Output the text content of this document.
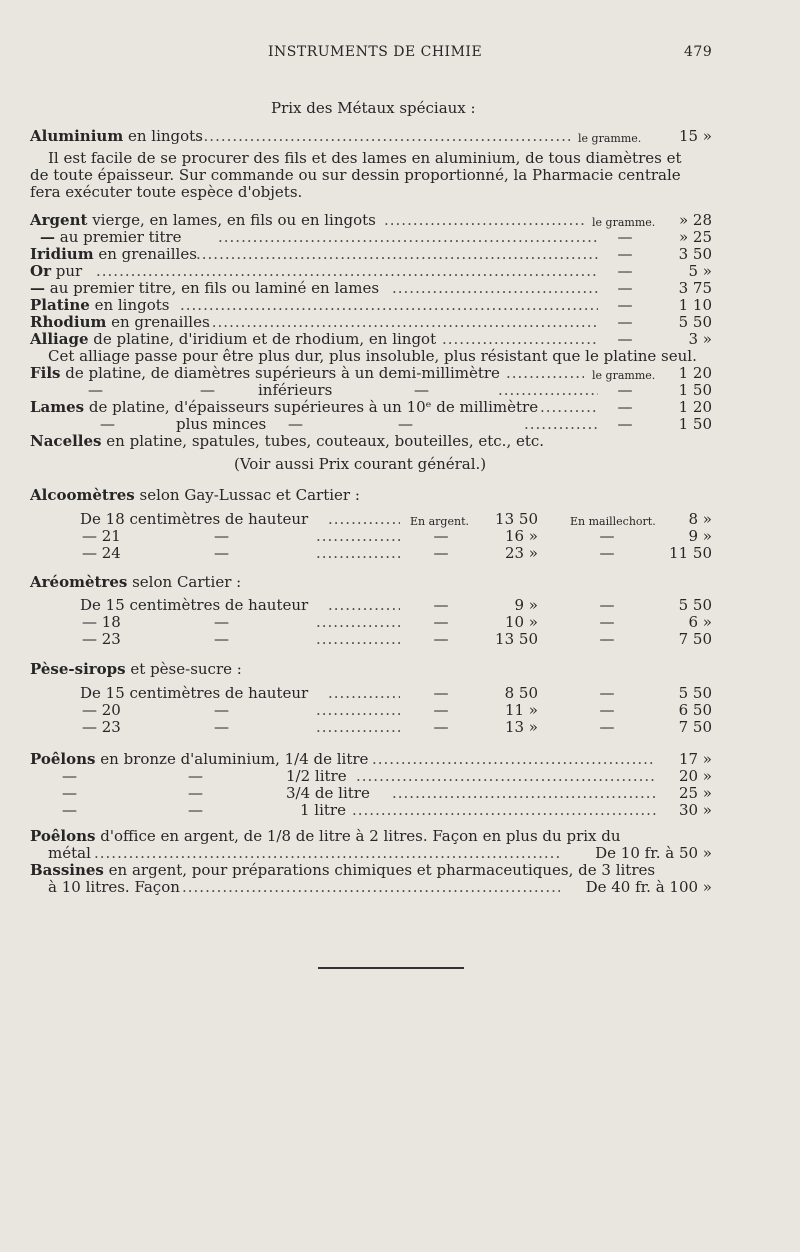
INSTRUMENTS DE CHIMIE	479
Prix des Métaux spéciaux :
Aluminium en lingots .....	le gramme.	15 »
Il est facile de se procurer des fils et des lames en aluminium, de tous diamètres et
de toute épaisseur. Sur commande ou sur dessin proportionné, la Pharmacie centrale
fera exécuter toute espèce d'objets.
Argent vierge, en lames, en fils ou en lingots .....	le gramme.	» 28
— au premier titre .....	—	» 25
Iridium en grenailles .....	—	3 50
Or pur .....	—	5 »
— au premier titre, en fils ou laminé en lames .....	—	3 75
Platine en lingots .....	—	1 10
Rhodium en grenailles .....	—	5 50
Alliage de platine, d'iridium et de rhodium, en lingot .....	—	3 »
Cet alliage passe pour être plus dur, plus insoluble, plus résistant que le platine seul.
Fils de platine, de diamètres supérieurs à un demi-millimètre .....	le gramme.	1 20
—	—	inférieurs	— .....	—	1 50
Lames de platine, d'épaisseurs supérieures à un 10ᵉ de millimètre .....	—	1 20
—	plus minces —	— .....	—	1 50
Nacelles en platine, spatules, tubes, couteaux, bouteilles, etc., etc.
(Voir aussi Prix courant général.)
Alcoomètres selon Gay-Lussac et Cartier :
De 18 centimètres de hauteur .....	En argent.	13 50	En maillechort.	8 »
— 21	— .....	—	16 »	—	9 »
— 24	— .....	—	23 »	—	11 50
Aréomètres selon Cartier :
De 15 centimètres de hauteur .....	—	9 »	—	5 50
— 18	— .....	—	10 »	—	6 »
— 23	— .....	—	13 50	—	7 50
Pèse-sirops et pèse-sucre :
De 15 centimètres de hauteur .....	—	8 50	—	5 50
— 20	— .....	—	11 »	—	6 50
— 23	— .....	—	13 »	—	7 50
Poêlons en bronze d'aluminium, 1/4 de litre .....	17 »
—	—	1/2 litre .....	20 »
—	—	3/4 de litre .....	25 »
—	—	1 litre .....	30 »
Poêlons d'office en argent, de 1/8 de litre à 2 litres. Façon en plus du prix du
métal .....	De 10 fr. à 50 »
Bassines en argent, pour préparations chimiques et pharmaceutiques, de 3 litres
à 10 litres. Façon .....	De 40 fr. à 100 »
